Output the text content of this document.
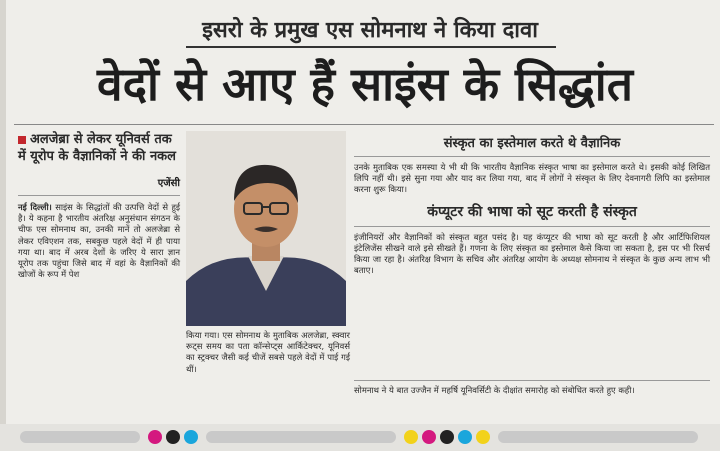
इसरो के प्रमुख एस सोमनाथ ने किया दावा
वेदों से आए हैं साइंस के सिद्धांत
अलजेब्रा से लेकर यूनिवर्स तक में यूरोप के वैज्ञानिकों ने की नकल
एजेंसी

नई दिल्ली। साइंस के सिद्धांतों की उत्पत्ति वेदों से हुई है। ये कहना है भारतीय अंतरिक्ष अनुसंधान संगठन के चीफ एस सोमनाथ का, उनकी मानें तो अलजेब्रा से लेकर एविएशन तक, सबकुछ पहले वेदों में ही पाया गया था। बाद में अरब देशों के जरिए ये सारा ज्ञान यूरोप तक पहुंचा जिसे बाद में वहां के वैज्ञानिकों की खोजों के रूप में पेश

किया गया। एस सोमनाथ के मुताबिक अलजेब्रा, स्क्वार रूट्स समय का पता कॉन्सेप्ट्स आर्किटेक्चर, यूनिवर्स का स्ट्रक्चर जैसी कई चीजें सबसे पहले वेदों में पाई गई थीं।

संस्कृत का इस्तेमाल करते थे वैज्ञानिक

उनके मुताबिक एक समस्या ये भी थी कि भारतीय वैज्ञानिक संस्कृत भाषा का इस्तेमाल करते थे। इसकी कोई लिखित लिपि नहीं थी। इसे सुना गया और याद कर लिया गया, बाद में लोगों ने संस्कृत के लिए देवनागरी लिपि का इस्तेमाल करना शुरू किया।

कंप्यूटर की भाषा को सूट करती है संस्कृत

इंजीनियरों और वैज्ञानिकों को संस्कृत बहुत पसंद है। यह कंप्यूटर की भाषा को सूट करती है और आर्टिफिशियल इंटेलिजेंस सीखने वाले इसे सीखते हैं। गणना के लिए संस्कृत का इस्तेमाल कैसे किया जा सकता है, इस पर भी रिसर्च किया जा रहा है। अंतरिक्ष विभाग के सचिव और अंतरिक्ष आयोग के अध्यक्ष सोमनाथ ने संस्कृत के कुछ अन्य लाभ भी बताए।

सोमनाथ ने ये बात उज्जैन में महर्षि यूनिवर्सिटी के दीक्षांत समारोह को संबोधित करते हुए कही।
